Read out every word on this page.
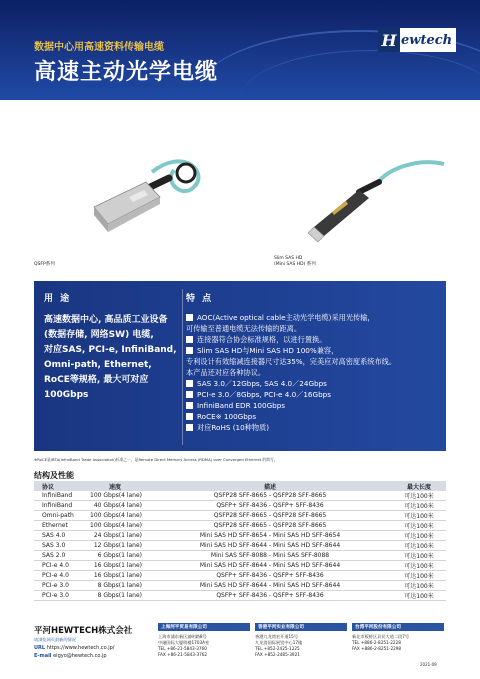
数据中心用高速资料传输电缆
高速主动光学电缆
H ewtech
QSFP系列
Slim SAS HD
(Mini SAS HD) 系列
用 途
高速数据中心, 高品质工业设备
(数据存储, 网络SW) 电缆,
对应SAS, PCI-e, InfiniBand,
Omni-path, Ethernet,
RoCE等规格, 最大可对应
100Gbps
特 点
AOC(Active optical cable主动光学电缆)采用光传输，
可传输至普通电缆无法传输的距离。
连接器符合协会标准规格，以进行置换。
Slim SAS HD与Mini SAS HD 100%兼容，
专利设计有效缩减连接器尺寸达35%，完美应对高密度系统布线。
本产品还对应各种协议。
SAS 3.0／12Gbps, SAS 4.0／24Gbps
PCI-e 3.0／8Gbps, PCI-e 4.0／16Gbps
InfiniBand EDR 100Gbps
RoCE※ 100Gbps
对应RoHS (10种物质)
※RoCE是IBTA(InfiniBand Trade Association)标准之一，是Remote Direct Memory Access (RDMA) over Converged Ethernet 的简写。
结构及性能
协议	速度	描述	最大长度
InfiniBand	100 Gbps(4 lane)	QSFP28 SFF-8665 - QSFP28 SFF-8665	可达100米
InfiniBand	40 Gbps(4 lane)	QSFP+ SFF-8436 - QSFP+ SFF-8436	可达100米
Omni-path	100 Gbps(4 lane)	QSFP28 SFF-8665 - QSFP28 SFF-8665	可达100米
Ethernet	100 Gbps(4 lane)	QSFP28 SFF-8665 - QSFP28 SFF-8665	可达100米
SAS 4.0	24 Gbps(1 lane)	Mini SAS HD SFF-8654 - Mini SAS HD SFF-8654	可达100米
SAS 3.0	12 Gbps(1 lane)	Mini SAS HD SFF-8644 - Mini SAS HD SFF-8644	可达100米
SAS 2.0	6 Gbps(1 lane)	Mini SAS SFF-8088 - Mini SAS SFF-8088	可达100米
PCI-e 4.0	16 Gbps(1 lane)	Mini SAS HD SFF-8644 - Mini SAS HD SFF-8644	可达100米
PCI-e 4.0	16 Gbps(1 lane)	QSFP+ SFF-8436 - QSFP+ SFF-8436	可达100米
PCI-e 3.0	8 Gbps(1 lane)	Mini SAS HD SFF-8644 - Mini SAS HD SFF-8644	可达100米
PCI-e 3.0	8 Gbps(1 lane)	QSFP+ SFF-8436 - QSFP+ SFF-8436	可达100米
平河HEWTECH株式会社
请浏览网页最新的情况
URL https://www.hewtech.co.jp/
E-mail eigyo@hewtech.co.jp
上海河平贸易有限公司
上海市浦东新区浦明路8号
中融国际大厦明楼1703A室
TEL +86-21-5843-3760
FAX +86-21-5843-3762
香港平河实业有限公司
香港九龙湾宏开道15号
九龙湾国际展贸中心17楼
TEL +852-2425-1225
FAX +852-2485-3921
台湾平河股份有限公司
新北市板桥区县民大道二段7号
TEL +886-2-8251-2228
FAX +886-2-8251-2298
2021-09
